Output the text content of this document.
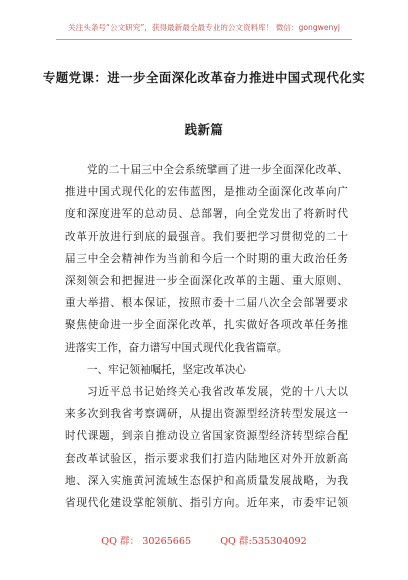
关注头条号“公文研究”，获得最新最全最专业的公文资料库！ 微信：gongwenyj
专题党课：进一步全面深化改革奋力推进中国式现代化实
践新篇
党的二十届三中全会系统擘画了进一步全面深化改革、
推进中国式现代化的宏伟蓝图，是推动全面深化改革向广
度和深度进军的总动员、总部署，向全党发出了将新时代
改革开放进行到底的最强音。我们要把学习贯彻党的二十
届三中全会精神作为当前和今后一个时期的重大政治任务
深刻领会和把握进一步全面深化改革的主题、重大原则、
重大举措、根本保证，按照市委十二届八次全会部署要求
聚焦使命进一步全面深化改革，扎实做好各项改革任务推
进落实工作，奋力谱写中国式现代化我省篇章。
一、牢记领袖嘱托，坚定改革决心
习近平总书记始终关心我省改革发展，党的十八大以
来多次到我省考察调研，从提出资源型经济转型发展这一
时代课题，到亲自推动设立省国家资源型经济转型综合配
套改革试验区，指示要求我们打造内陆地区对外开放新高
地、深入实施黄河流域生态保护和高质量发展战略，为我
省现代化建设掌舵领航、指引方向。近年来，市委牢记领
QQ 群： 30265665	QQ 群:535304092
